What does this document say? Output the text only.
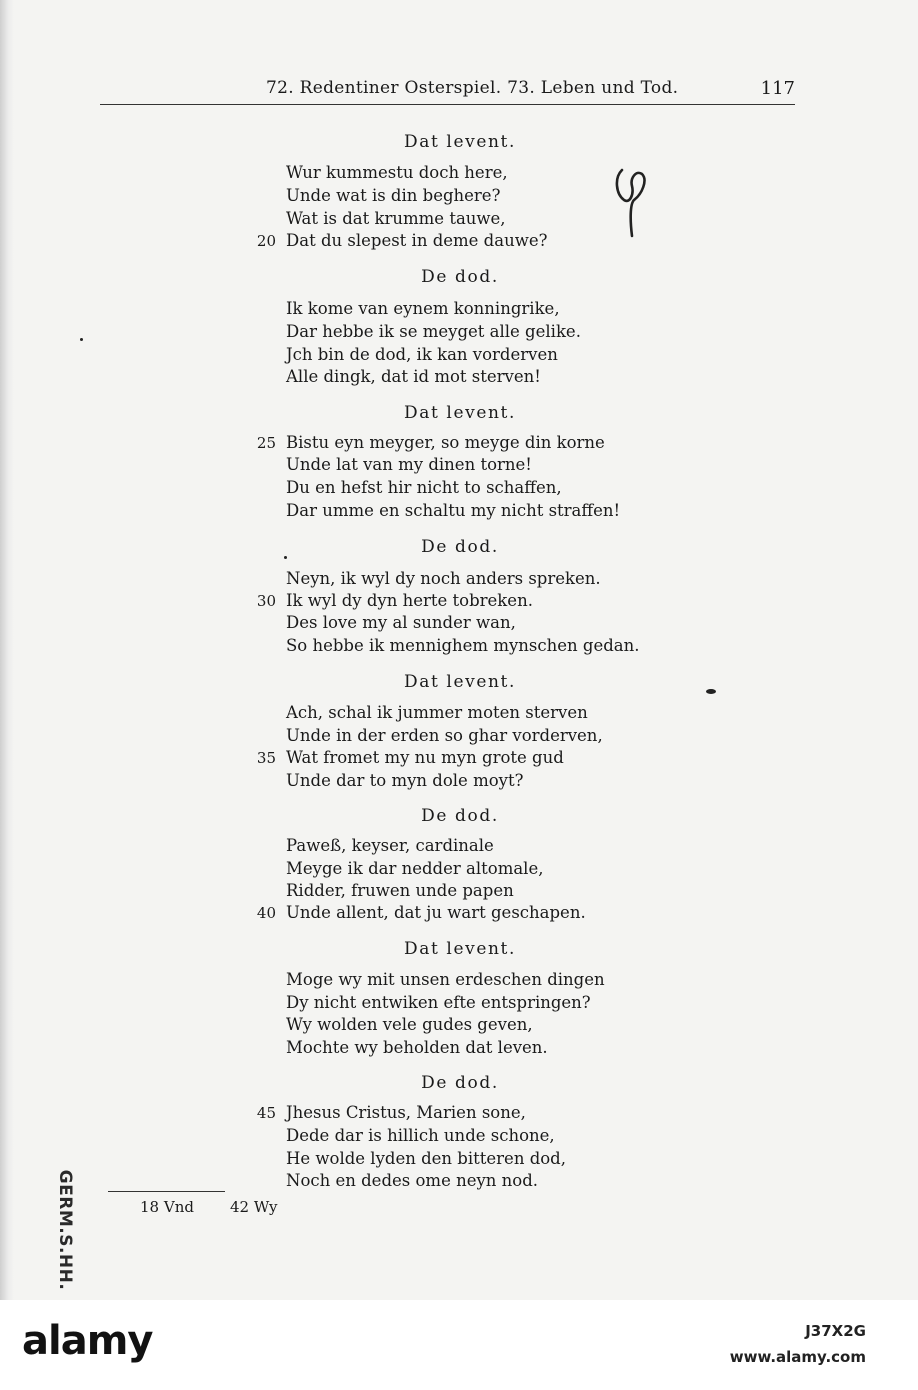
72. Redentiner Osterspiel. 73. Leben und Tod.	117
Dat levent.
Wur kummestu doch here,
Unde wat is din beghere?
Wat is dat krumme tauwe,
20 Dat du slepest in deme dauwe?
De dod.
Ik kome van eynem konningrike,
Dar hebbe ik se meyget alle gelike.
Jch bin de dod, ik kan vorderven
Alle dingk, dat id mot sterven!
Dat levent.
25 Bistu eyn meyger, so meyge din korne
Unde lat van my dinen torne!
Du en hefst hir nicht to schaffen,
Dar umme en schaltu my nicht straffen!
De dod.
Neyn, ik wyl dy noch anders spreken.
30 Ik wyl dy dyn herte tobreken.
Des love my al sunder wan,
So hebbe ik mennighem mynschen gedan.
Dat levent.
Ach, schal ik jummer moten sterven
Unde in der erden so ghar vorderven,
35 Wat fromet my nu myn grote gud
Unde dar to myn dole moyt?
De dod.
Paweß, keyser, cardinale
Meyge ik dar nedder altomale,
Ridder, fruwen unde papen
40 Unde allent, dat ju wart geschapen.
Dat levent.
Moge wy mit unsen erdeschen dingen
Dy nicht entwiken efte entspringen?
Wy wolden vele gudes geven,
Mochte wy beholden dat leven.
De dod.
45 Jhesus Cristus, Marien sone,
Dede dar is hillich unde schone,
He wolde lyden den bitteren dod,
Noch en dedes ome neyn nod.
18 Vnd 42 Wy
GERM.S.HH.
alamy	J37X2G
www.alamy.com
